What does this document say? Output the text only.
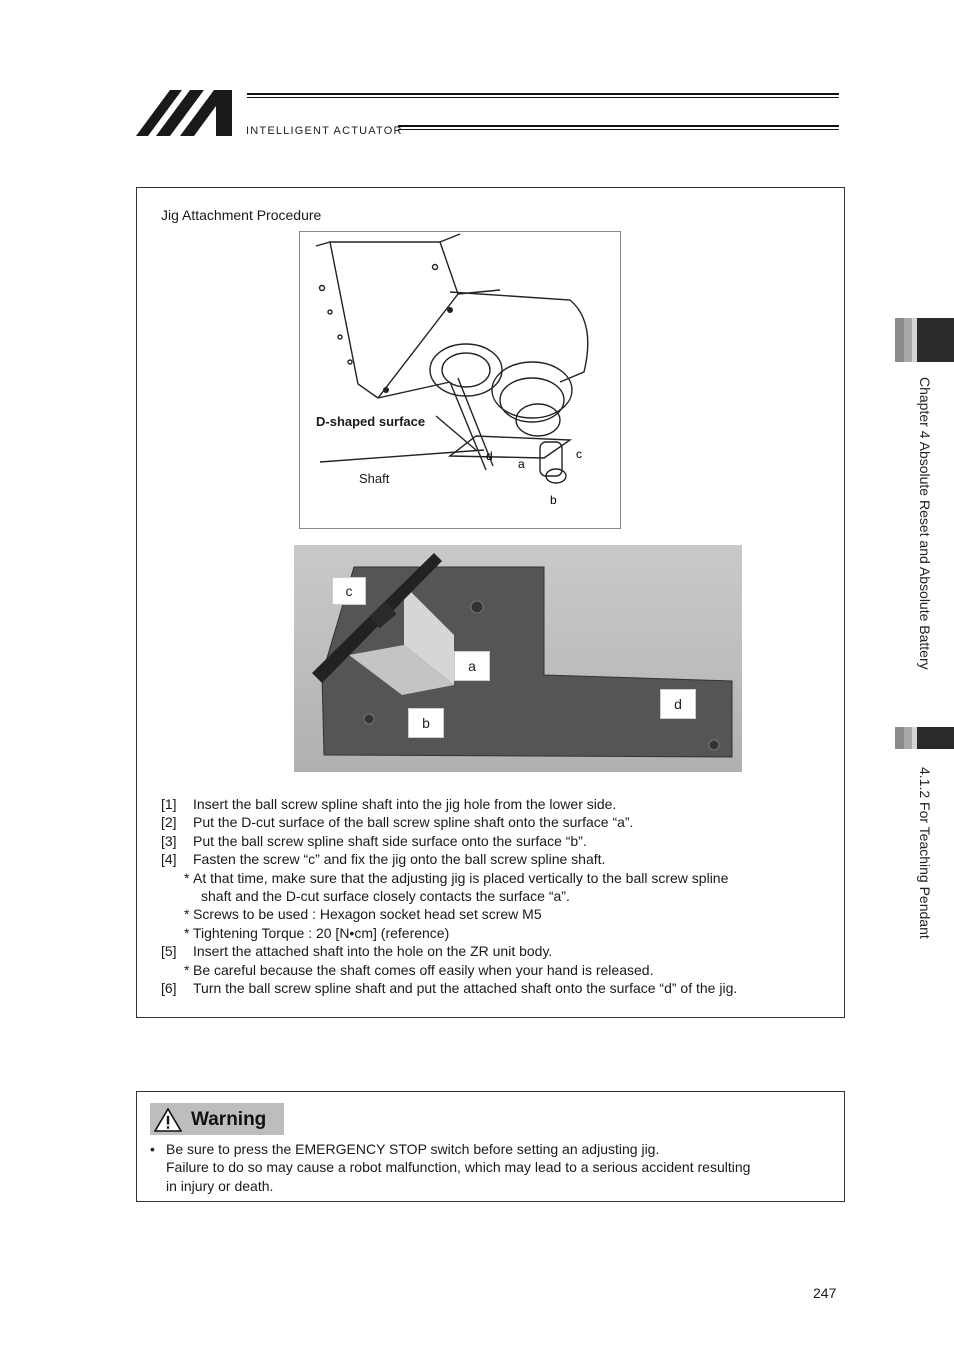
INTELLIGENT ACTUATOR
Jig Attachment Procedure
d
a
c
b
D-shaped surface
Shaft
c
a
b
d
[1] Insert the ball screw spline shaft into the jig hole from the lower side.
[2] Put the D-cut surface of the ball screw spline shaft onto the surface “a”.
[3] Put the ball screw spline shaft side surface onto the surface “b”.
[4] Fasten the screw “c” and fix the jig onto the ball screw spline shaft.
* At that time, make sure that the adjusting jig is placed vertically to the ball screw spline
shaft and the D-cut surface closely contacts the surface “a”.
* Screws to be used : Hexagon socket head set screw M5
* Tightening Torque : 20 [N•cm] (reference)
[5] Insert the attached shaft into the hole on the ZR unit body.
* Be careful because the shaft comes off easily when your hand is released.
[6] Turn the ball screw spline shaft and put the attached shaft onto the surface “d” of the jig.
Warning
• Be sure to press the EMERGENCY STOP switch before setting an adjusting jig.
Failure to do so may cause a robot malfunction, which may lead to a serious accident resulting
in injury or death.
Chapter 4 Absolute Reset and Absolute Battery
4.1.2 For Teaching Pendant
247
